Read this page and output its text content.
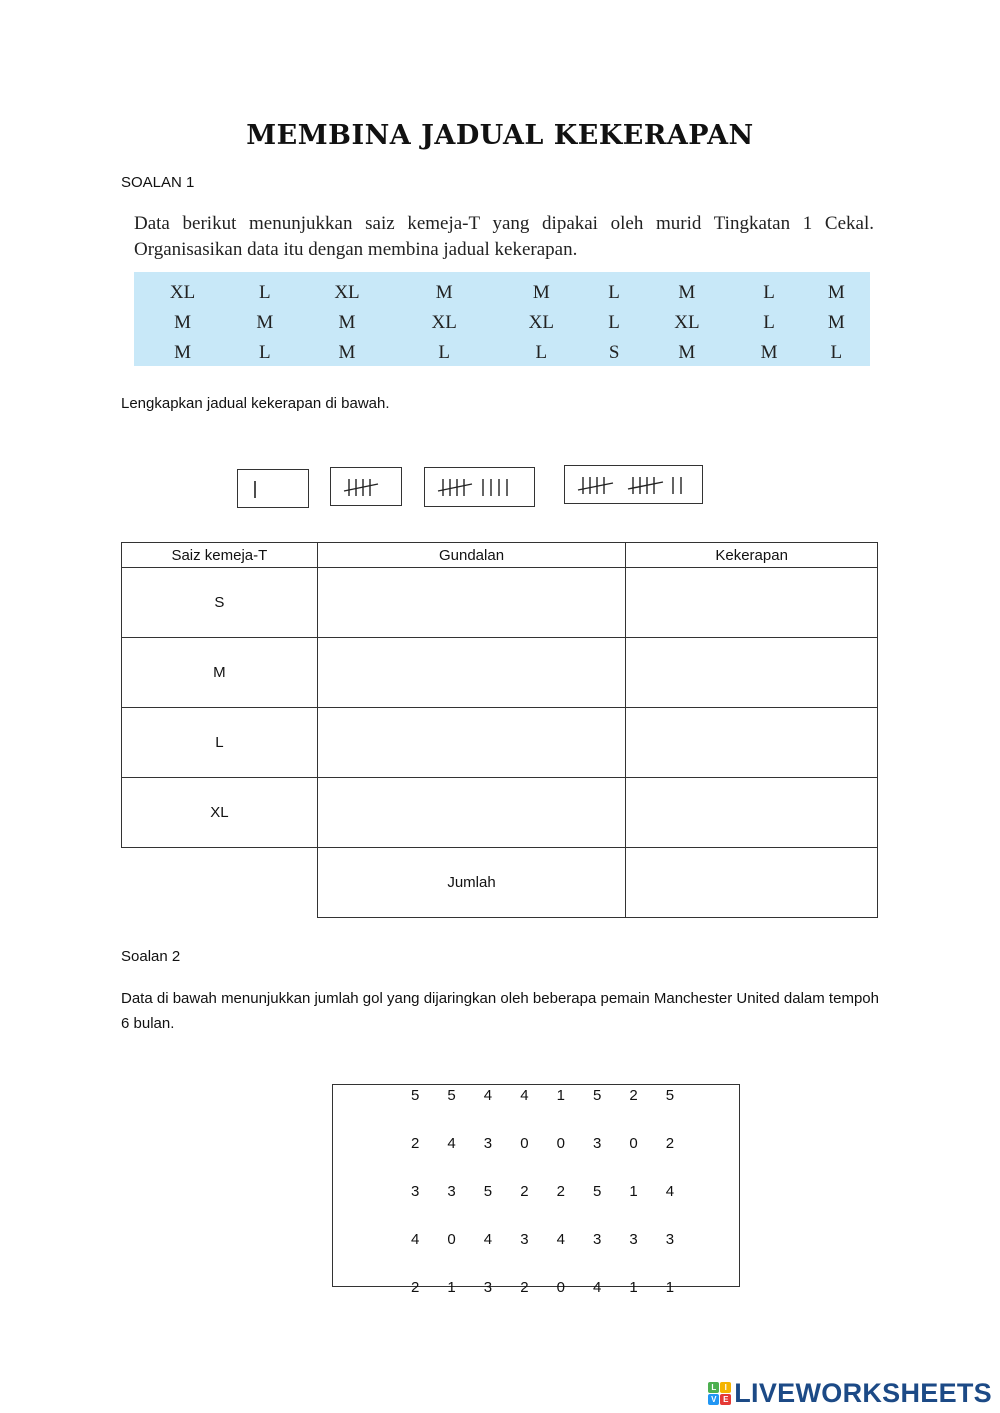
MEMBINA JADUAL KEKERAPAN
SOALAN 1
Data berikut menunjukkan saiz kemeja-T yang dipakai oleh murid Tingkatan 1 Cekal. Organisasikan data itu dengan membina jadual kekerapan.
XL	L	XL	M	M	L	M	L	M
M	M	M	XL	XL	L	XL	L	M
M	L	M	L	L	S	M	M	L
Lengkapkan jadual kekerapan di bawah.
Saiz kemeja-T	Gundalan	Kekerapan
S		
M		
L		
XL		
	Jumlah	
Soalan 2
Data di bawah menunjukkan jumlah gol yang dijaringkan oleh beberapa pemain Manchester United dalam tempoh 6 bulan.
5	5	4	4	1	5	2	5
2	4	3	0	0	3	0	2
3	3	5	2	2	5	1	4
4	0	4	3	4	3	3	3
2	1	3	2	0	4	1	1
L	I
V E LIVEWORKSHEETS
